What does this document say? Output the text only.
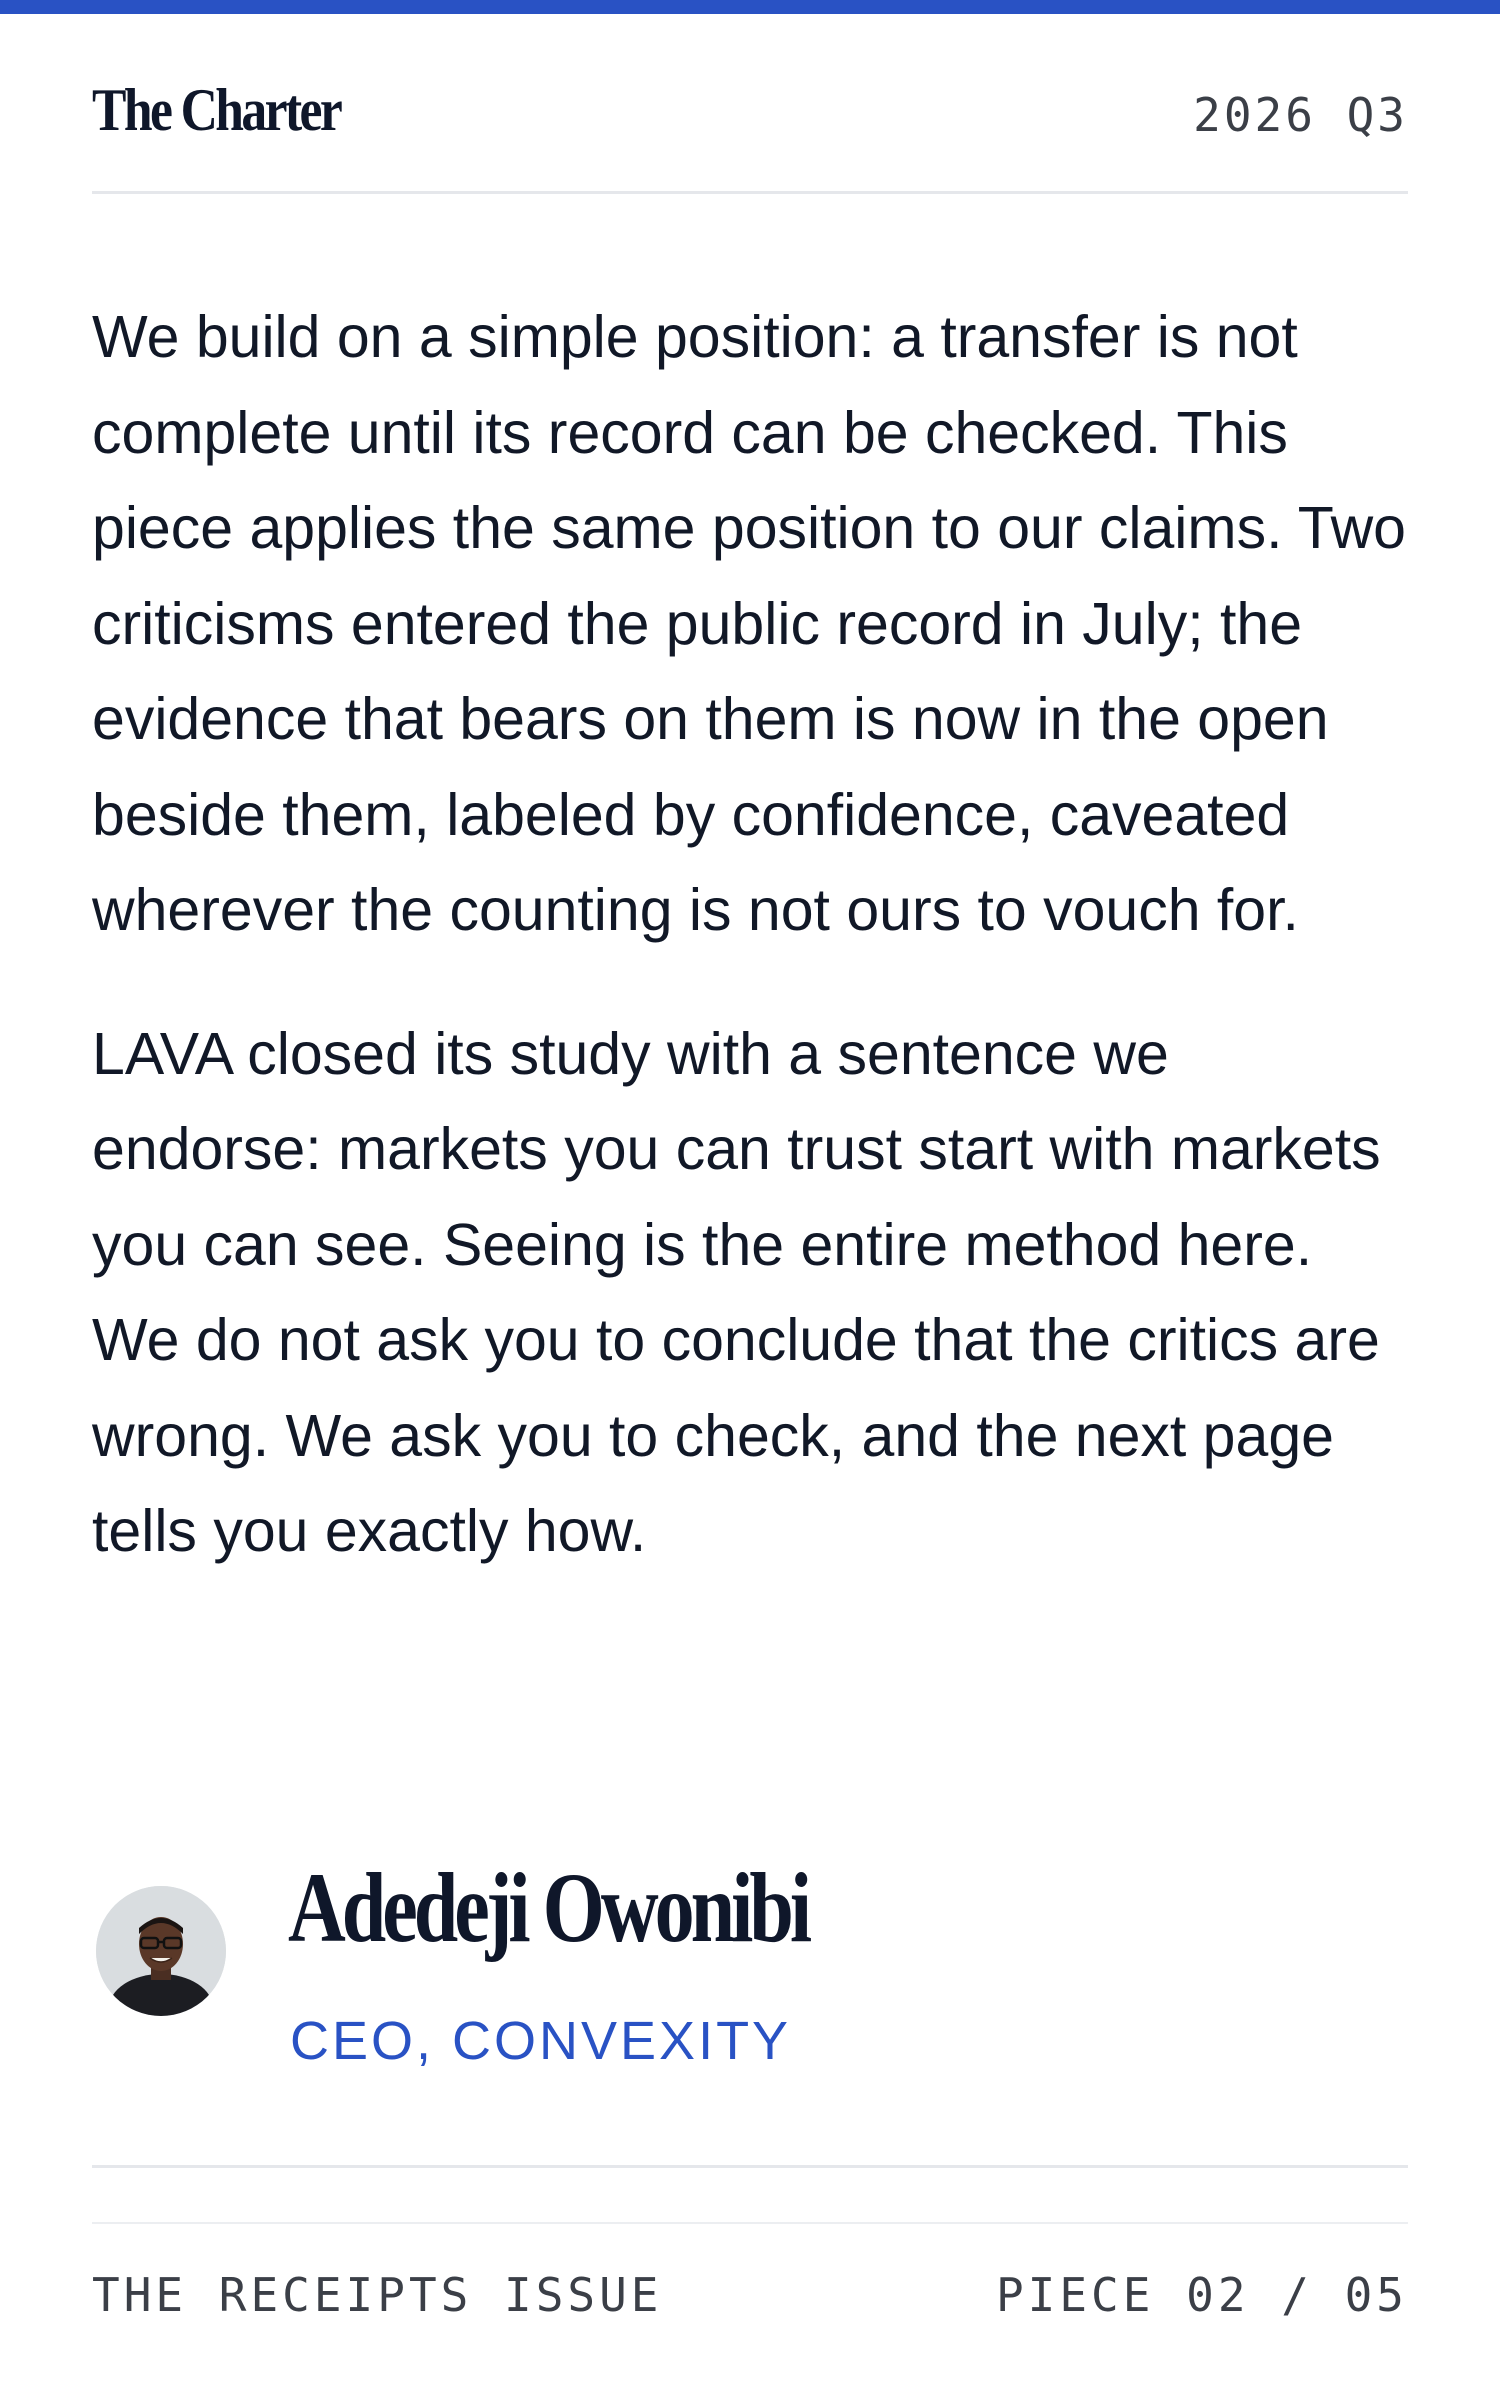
The Charter	2026 Q3

We build on a simple position: a transfer is not complete until its record can be checked. This piece applies the same position to our claims. Two criticisms entered the public record in July; the evidence that bears on them is now in the open beside them, labeled by confidence, caveated wherever the counting is not ours to vouch for.

LAVA closed its study with a sentence we endorse: markets you can trust start with markets you can see. Seeing is the entire method here. We do not ask you to conclude that the critics are wrong. We ask you to check, and the next page tells you exactly how.

Adedeji Owonibi
CEO, CONVEXITY
THE RECEIPTS ISSUE	PIECE 02 / 05
